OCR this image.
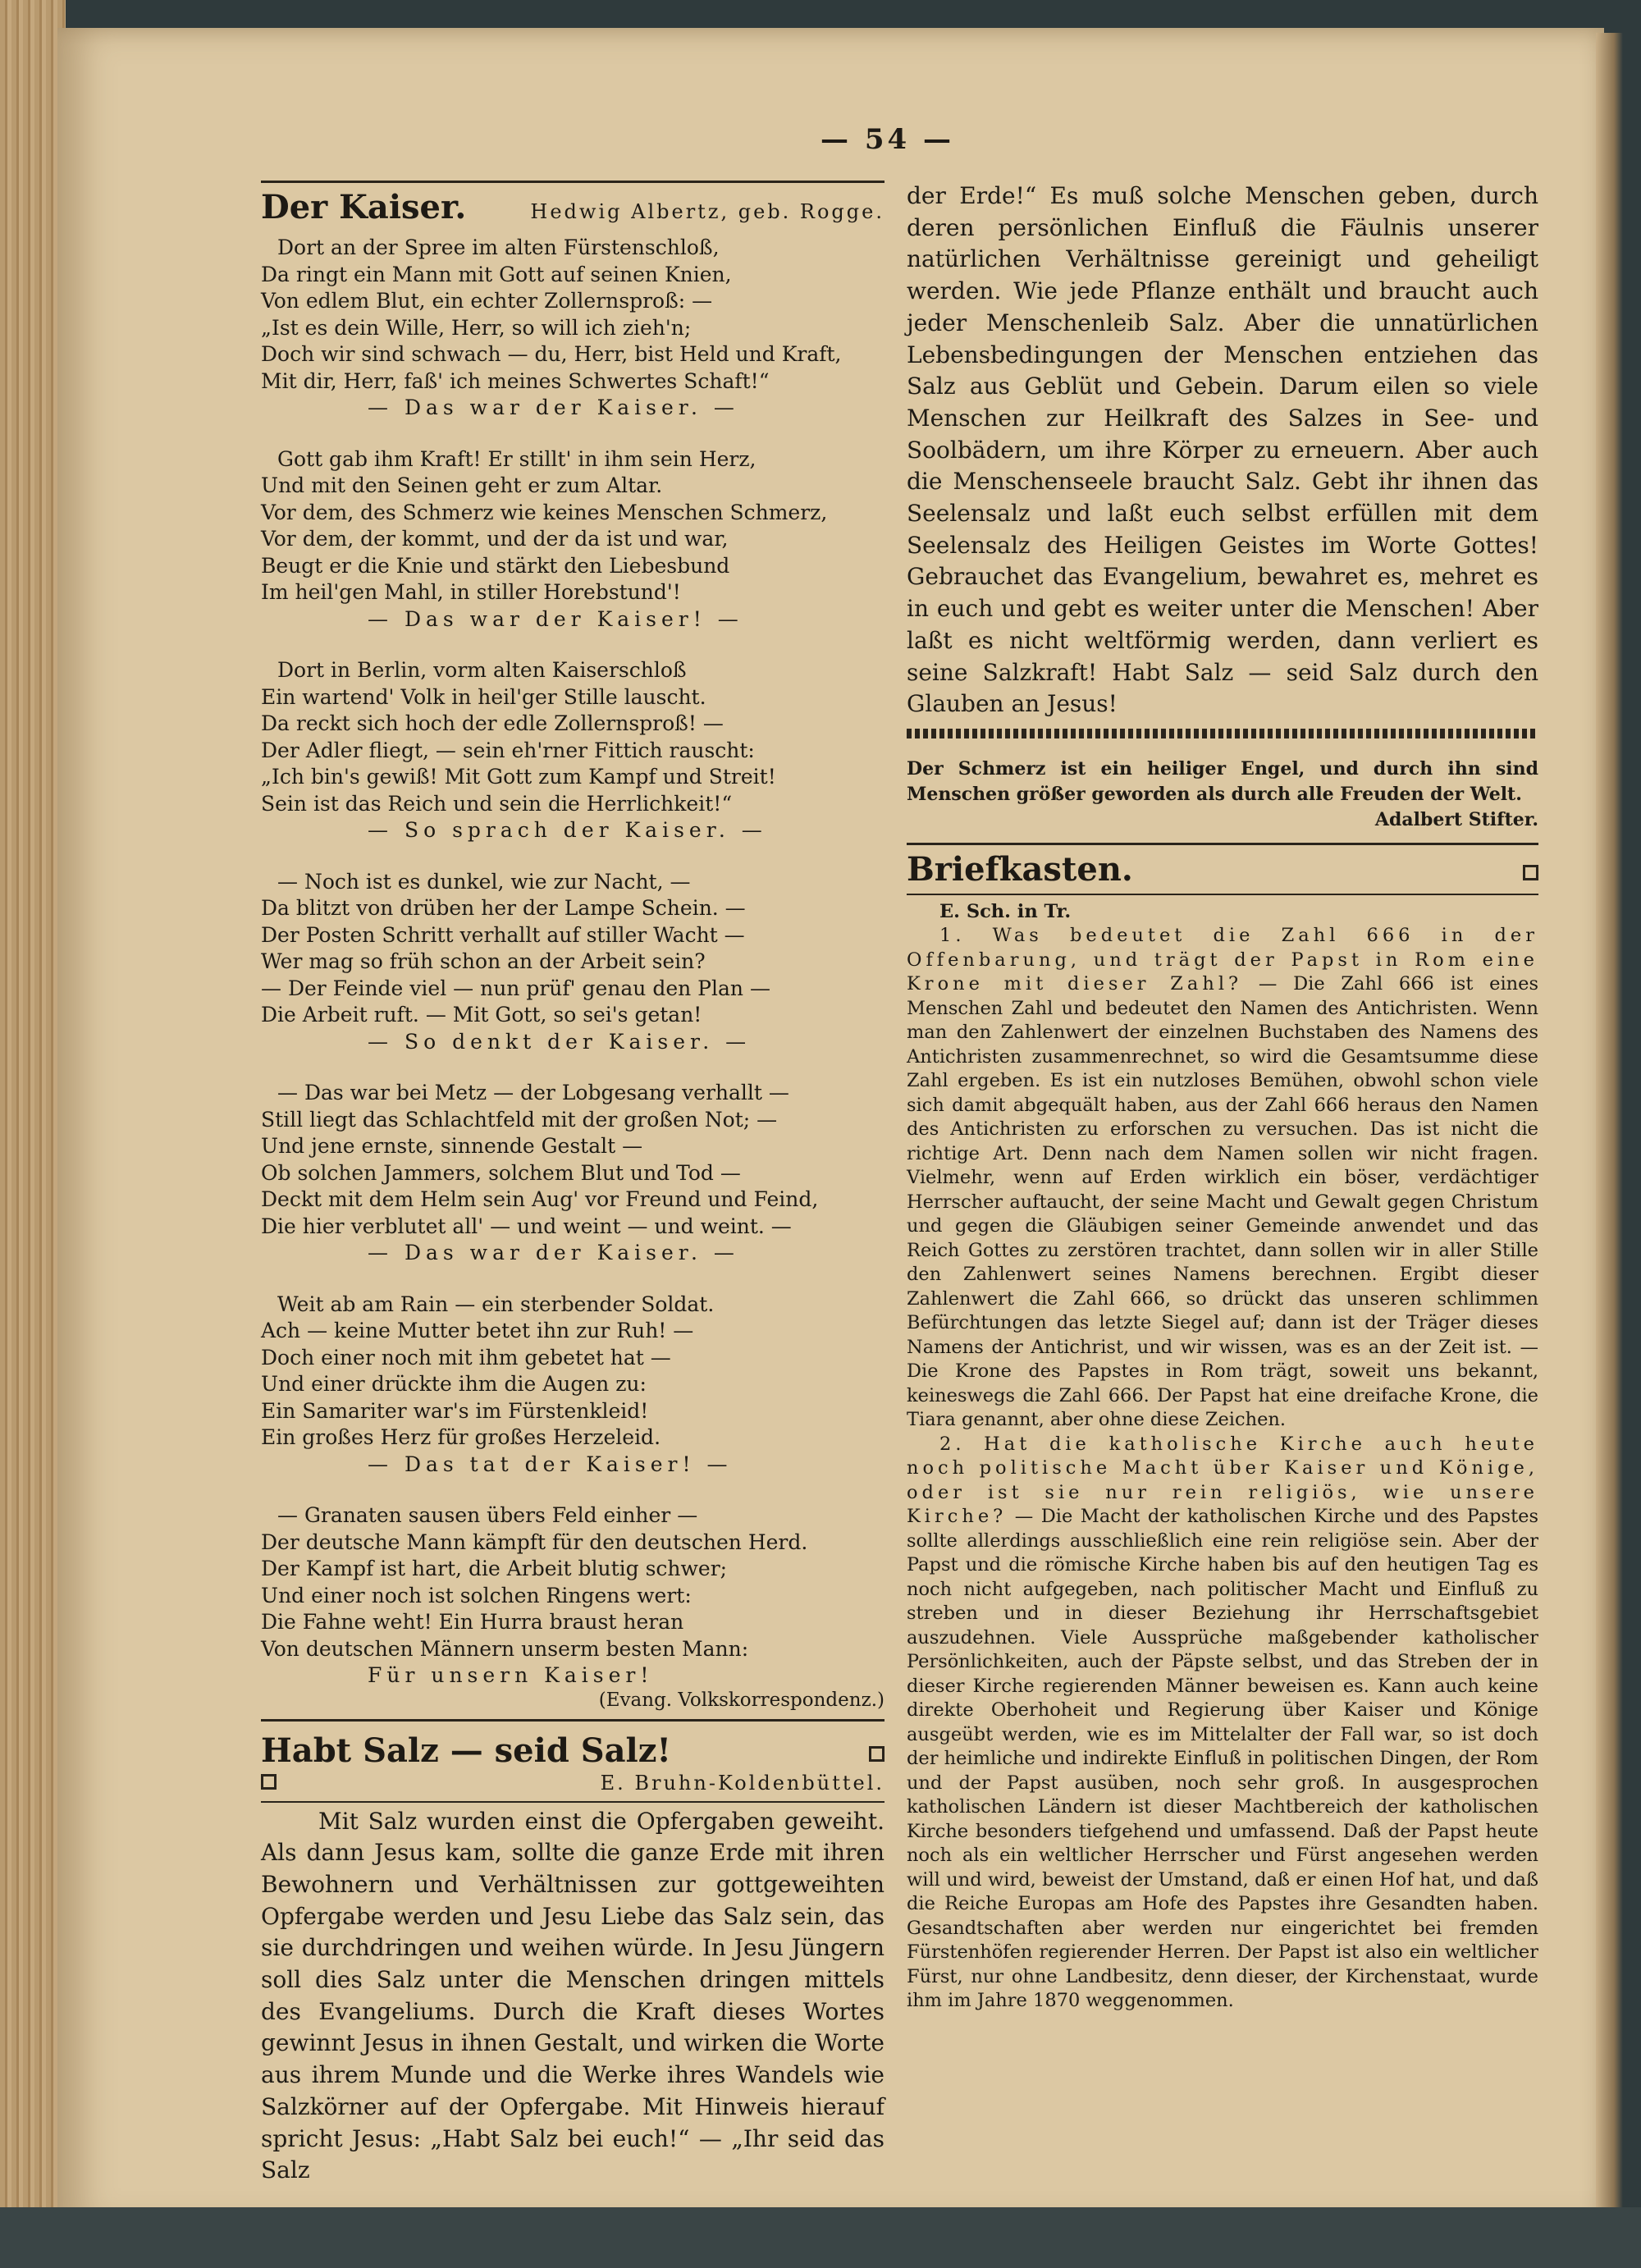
— 54 —
Der Kaiser.	Hedwig Albertz, geb. Rogge.
Dort an der Spree im alten Fürstenschloß,
Da ringt ein Mann mit Gott auf seinen Knien,
Von edlem Blut, ein echter Zollernsproß: —
„Ist es dein Wille, Herr, so will ich zieh'n;
Doch wir sind schwach — du, Herr, bist Held und Kraft,
Mit dir, Herr, faß' ich meines Schwertes Schaft!“
— Das war der Kaiser. —
Gott gab ihm Kraft! Er stillt' in ihm sein Herz,
Und mit den Seinen geht er zum Altar.
Vor dem, des Schmerz wie keines Menschen Schmerz,
Vor dem, der kommt, und der da ist und war,
Beugt er die Knie und stärkt den Liebesbund
Im heil'gen Mahl, in stiller Horebstund'!
— Das war der Kaiser! —
Dort in Berlin, vorm alten Kaiserschloß
Ein wartend' Volk in heil'ger Stille lauscht.
Da reckt sich hoch der edle Zollernsproß! —
Der Adler fliegt, — sein eh'rner Fittich rauscht:
„Ich bin's gewiß! Mit Gott zum Kampf und Streit!
Sein ist das Reich und sein die Herrlichkeit!“
— So sprach der Kaiser. —
— Noch ist es dunkel, wie zur Nacht, —
Da blitzt von drüben her der Lampe Schein. —
Der Posten Schritt verhallt auf stiller Wacht —
Wer mag so früh schon an der Arbeit sein?
— Der Feinde viel — nun prüf' genau den Plan —
Die Arbeit ruft. — Mit Gott, so sei's getan!
— So denkt der Kaiser. —
— Das war bei Metz — der Lobgesang verhallt —
Still liegt das Schlachtfeld mit der großen Not; —
Und jene ernste, sinnende Gestalt —
Ob solchen Jammers, solchem Blut und Tod —
Deckt mit dem Helm sein Aug' vor Freund und Feind,
Die hier verblutet all' — und weint — und weint. —
— Das war der Kaiser. —
Weit ab am Rain — ein sterbender Soldat.
Ach — keine Mutter betet ihn zur Ruh! —
Doch einer noch mit ihm gebetet hat —
Und einer drückte ihm die Augen zu:
Ein Samariter war's im Fürstenkleid!
Ein großes Herz für großes Herzeleid.
— Das tat der Kaiser! —
— Granaten sausen übers Feld einher —
Der deutsche Mann kämpft für den deutschen Herd.
Der Kampf ist hart, die Arbeit blutig schwer;
Und einer noch ist solchen Ringens wert:
Die Fahne weht! Ein Hurra braust heran
Von deutschen Männern unserm besten Mann:
Für unsern Kaiser!
(Evang. Volkskorrespondenz.)
Habt Salz — seid Salz!
E. Bruhn-Koldenbüttel.

Mit Salz wurden einst die Opfergaben geweiht. Als dann Jesus kam, sollte die ganze Erde mit ihren Bewohnern und Verhältnissen zur gottgeweihten Opfergabe werden und Jesu Liebe das Salz sein, das sie durchdringen und weihen würde. In Jesu Jüngern soll dies Salz unter die Menschen dringen mittels des Evangeliums. Durch die Kraft dieses Wortes gewinnt Jesus in ihnen Gestalt, und wirken die Worte aus ihrem Munde und die Werke ihres Wandels wie Salzkörner auf der Opfergabe. Mit Hinweis hierauf spricht Jesus: „Habt Salz bei euch!“ — „Ihr seid das Salz

der Erde!“ Es muß solche Menschen geben, durch deren persönlichen Einfluß die Fäulnis unserer natürlichen Verhältnisse gereinigt und geheiligt werden. Wie jede Pflanze enthält und braucht auch jeder Menschenleib Salz. Aber die unnatürlichen Lebensbedingungen der Menschen entziehen das Salz aus Geblüt und Gebein. Darum eilen so viele Menschen zur Heilkraft des Salzes in See- und Soolbädern, um ihre Körper zu erneuern. Aber auch die Menschenseele braucht Salz. Gebt ihr ihnen das Seelensalz und laßt euch selbst erfüllen mit dem Seelensalz des Heiligen Geistes im Worte Gottes! Gebrauchet das Evangelium, bewahret es, mehret es in euch und gebt es weiter unter die Menschen! Aber laßt es nicht weltförmig werden, dann verliert es seine Salzkraft! Habt Salz — seid Salz durch den Glauben an Jesus!
Der Schmerz ist ein heiliger Engel, und durch ihn sind Menschen größer geworden als durch alle Freuden der Welt.
Adalbert Stifter.
Briefkasten.

E. Sch. in Tr.

1. Was bedeutet die Zahl 666 in der Offenbarung, und trägt der Papst in Rom eine Krone mit dieser Zahl? — Die Zahl 666 ist eines Menschen Zahl und bedeutet den Namen des Antichristen. Wenn man den Zahlenwert der einzelnen Buchstaben des Namens des Antichristen zusammenrechnet, so wird die Gesamtsumme diese Zahl ergeben. Es ist ein nutzloses Bemühen, obwohl schon viele sich damit abgequält haben, aus der Zahl 666 heraus den Namen des Antichristen zu erforschen zu versuchen. Das ist nicht die richtige Art. Denn nach dem Namen sollen wir nicht fragen. Vielmehr, wenn auf Erden wirklich ein böser, verdächtiger Herrscher auftaucht, der seine Macht und Gewalt gegen Christum und gegen die Gläubigen seiner Gemeinde anwendet und das Reich Gottes zu zerstören trachtet, dann sollen wir in aller Stille den Zahlenwert seines Namens berechnen. Ergibt dieser Zahlenwert die Zahl 666, so drückt das unseren schlimmen Befürchtungen das letzte Siegel auf; dann ist der Träger dieses Namens der Antichrist, und wir wissen, was es an der Zeit ist. — Die Krone des Papstes in Rom trägt, soweit uns bekannt, keineswegs die Zahl 666. Der Papst hat eine dreifache Krone, die Tiara genannt, aber ohne diese Zeichen.

2. Hat die katholische Kirche auch heute noch politische Macht über Kaiser und Könige, oder ist sie nur rein religiös, wie unsere Kirche? — Die Macht der katholischen Kirche und des Papstes sollte allerdings ausschließlich eine rein religiöse sein. Aber der Papst und die römische Kirche haben bis auf den heutigen Tag es noch nicht aufgegeben, nach politischer Macht und Einfluß zu streben und in dieser Beziehung ihr Herrschaftsgebiet auszudehnen. Viele Aussprüche maßgebender katholischer Persönlichkeiten, auch der Päpste selbst, und das Streben der in dieser Kirche regierenden Männer beweisen es. Kann auch keine direkte Oberhoheit und Regierung über Kaiser und Könige ausgeübt werden, wie es im Mittelalter der Fall war, so ist doch der heimliche und indirekte Einfluß in politischen Dingen, der Rom und der Papst ausüben, noch sehr groß. In ausgesprochen katholischen Ländern ist dieser Machtbereich der katholischen Kirche besonders tiefgehend und umfassend. Daß der Papst heute noch als ein weltlicher Herrscher und Fürst angesehen werden will und wird, beweist der Umstand, daß er einen Hof hat, und daß die Reiche Europas am Hofe des Papstes ihre Gesandten haben. Gesandtschaften aber werden nur eingerichtet bei fremden Fürstenhöfen regierender Herren. Der Papst ist also ein weltlicher Fürst, nur ohne Landbesitz, denn dieser, der Kirchenstaat, wurde ihm im Jahre 1870 weggenommen.
